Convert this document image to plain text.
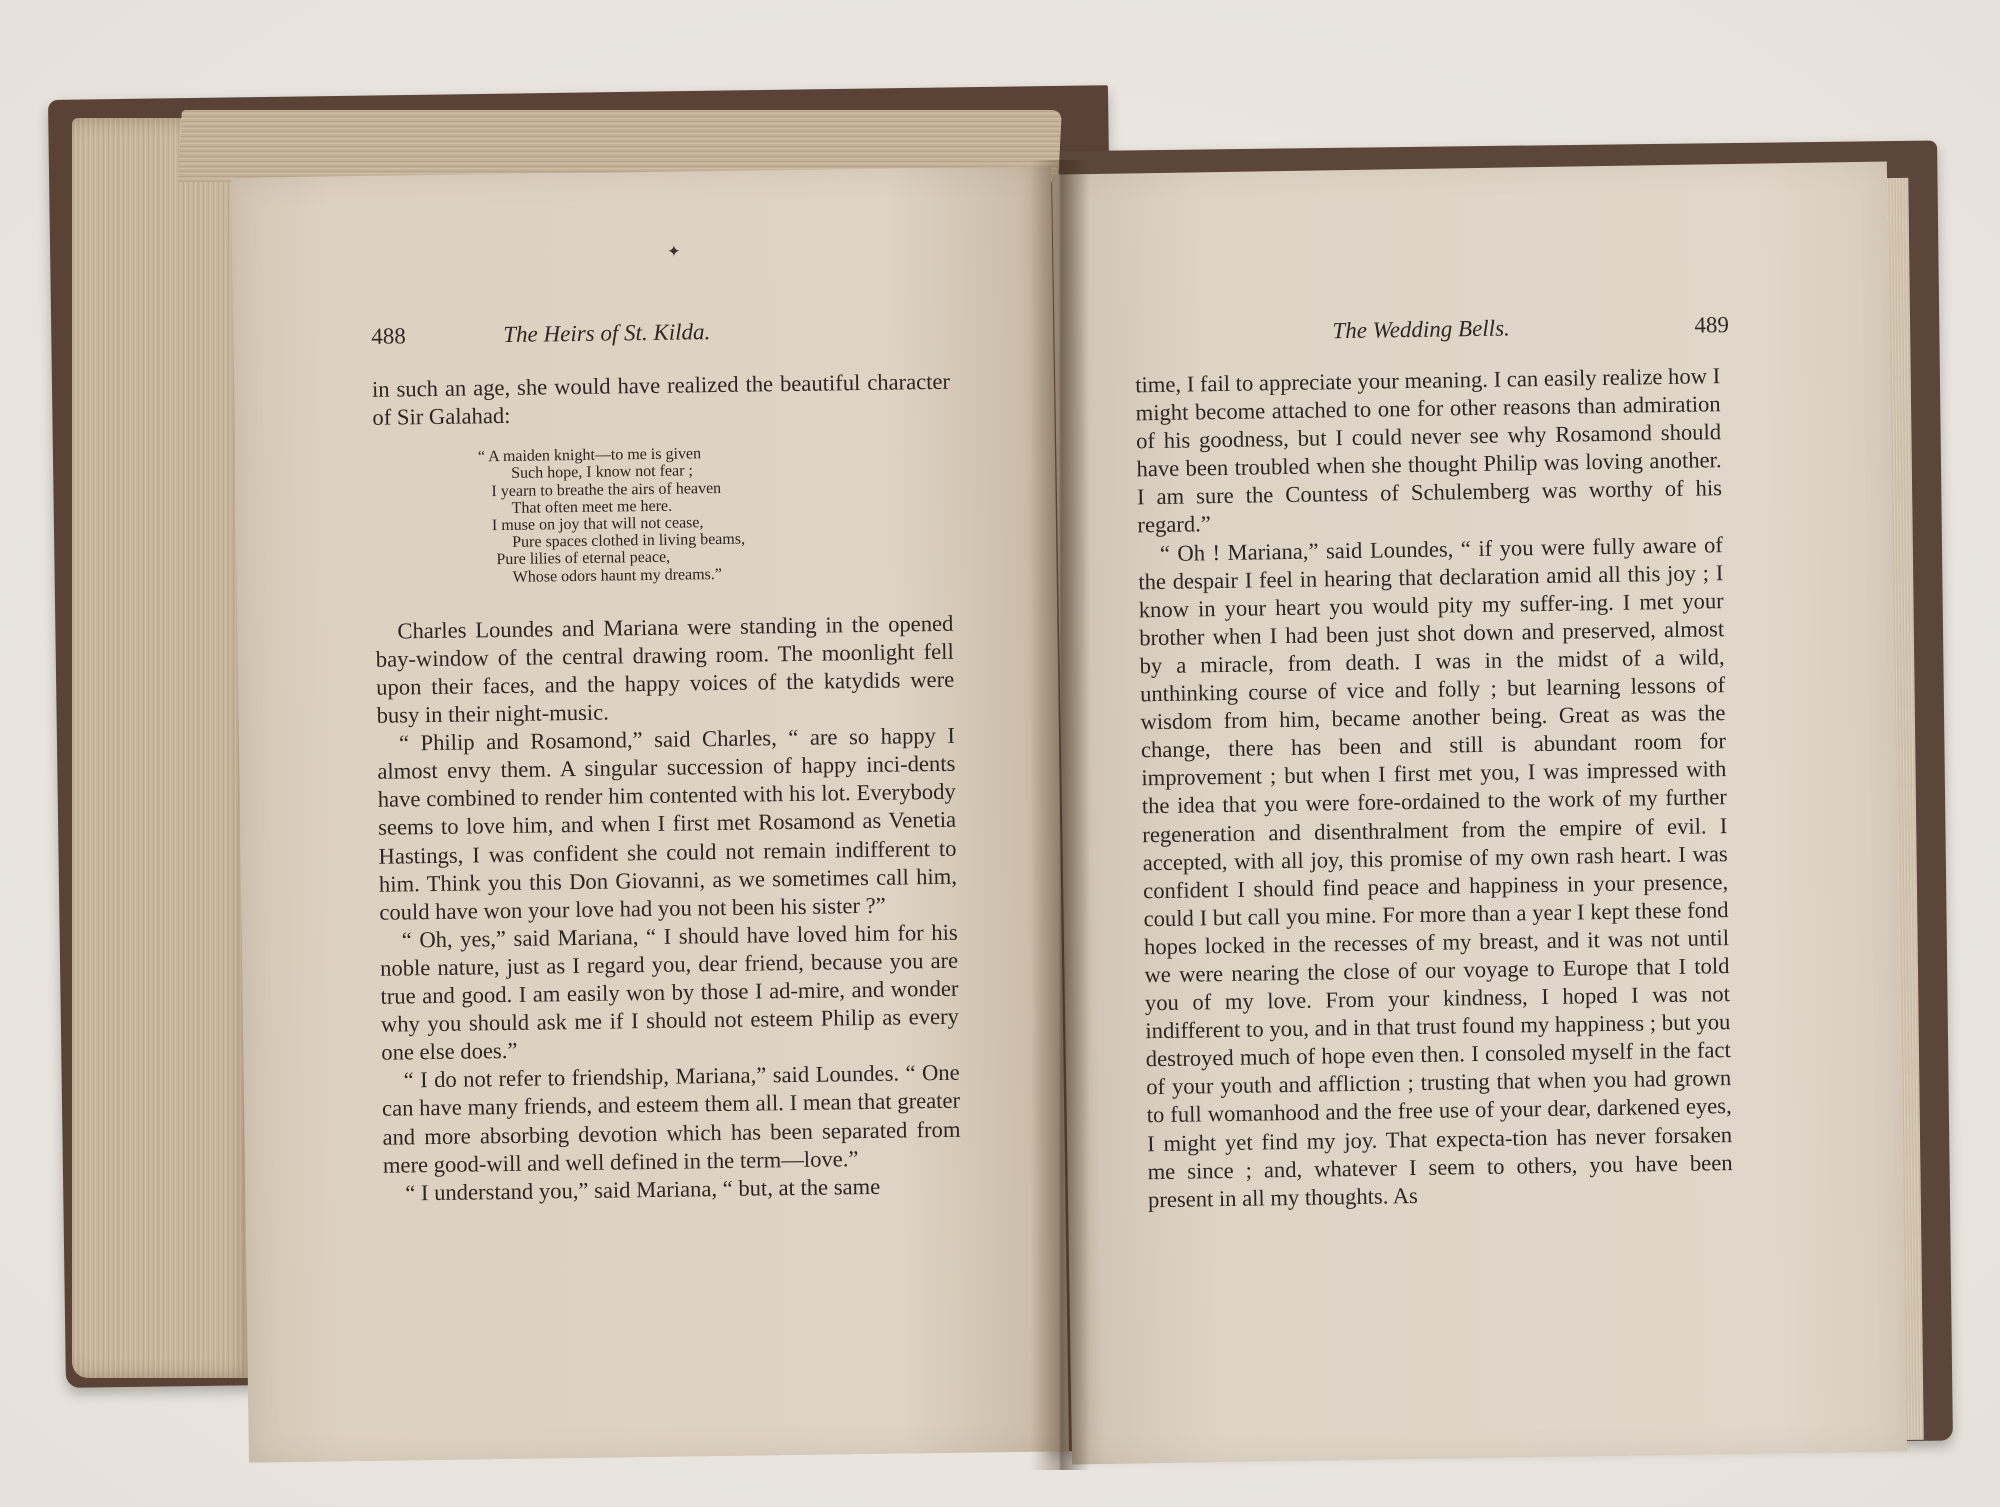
✦
488	The Heirs of St. Kilda.

in such an age, she would have realized the beautiful character of Sir Galahad:

“ A maiden knight—to me is given
Such hope, I know not fear ;
I yearn to breathe the airs of heaven
That often meet me here.
I muse on joy that will not cease,
Pure spaces clothed in living beams,
Pure lilies of eternal peace,
Whose odors haunt my dreams.”

Charles Loundes and Mariana were standing in the opened bay-window of the central drawing room. The moonlight fell upon their faces, and the happy voices of the katydids were busy in their night-music.

“ Philip and Rosamond,” said Charles, “ are so happy I almost envy them. A singular succession of happy inci-dents have combined to render him contented with his lot. Everybody seems to love him, and when I first met Rosamond as Venetia Hastings, I was confident she could not remain indifferent to him. Think you this Don Giovanni, as we sometimes call him, could have won your love had you not been his sister ?”

“ Oh, yes,” said Mariana, “ I should have loved him for his noble nature, just as I regard you, dear friend, because you are true and good. I am easily won by those I ad-mire, and wonder why you should ask me if I should not esteem Philip as every one else does.”

“ I do not refer to friendship, Mariana,” said Loundes. “ One can have many friends, and esteem them all. I mean that greater and more absorbing devotion which has been separated from mere good-will and well defined in the term—love.”

“ I understand you,” said Mariana, “ but, at the same

The Wedding Bells.	489

time, I fail to appreciate your meaning. I can easily realize how I might become attached to one for other reasons than admiration of his goodness, but I could never see why Rosamond should have been troubled when she thought Philip was loving another. I am sure the Countess of Schulemberg was worthy of his regard.”

“ Oh ! Mariana,” said Loundes, “ if you were fully aware of the despair I feel in hearing that declaration amid all this joy ; I know in your heart you would pity my suffer-ing. I met your brother when I had been just shot down and preserved, almost by a miracle, from death. I was in the midst of a wild, unthinking course of vice and folly ; but learning lessons of wisdom from him, became another being. Great as was the change, there has been and still is abundant room for improvement ; but when I first met you, I was impressed with the idea that you were fore-ordained to the work of my further regeneration and disenthralment from the empire of evil. I accepted, with all joy, this promise of my own rash heart. I was confident I should find peace and happiness in your presence, could I but call you mine. For more than a year I kept these fond hopes locked in the recesses of my breast, and it was not until we were nearing the close of our voyage to Europe that I told you of my love. From your kindness, I hoped I was not indifferent to you, and in that trust found my happiness ; but you destroyed much of hope even then. I consoled myself in the fact of your youth and affliction ; trusting that when you had grown to full womanhood and the free use of your dear, darkened eyes, I might yet find my joy. That expecta-tion has never forsaken me since ; and, whatever I seem to others, you have been present in all my thoughts. As
